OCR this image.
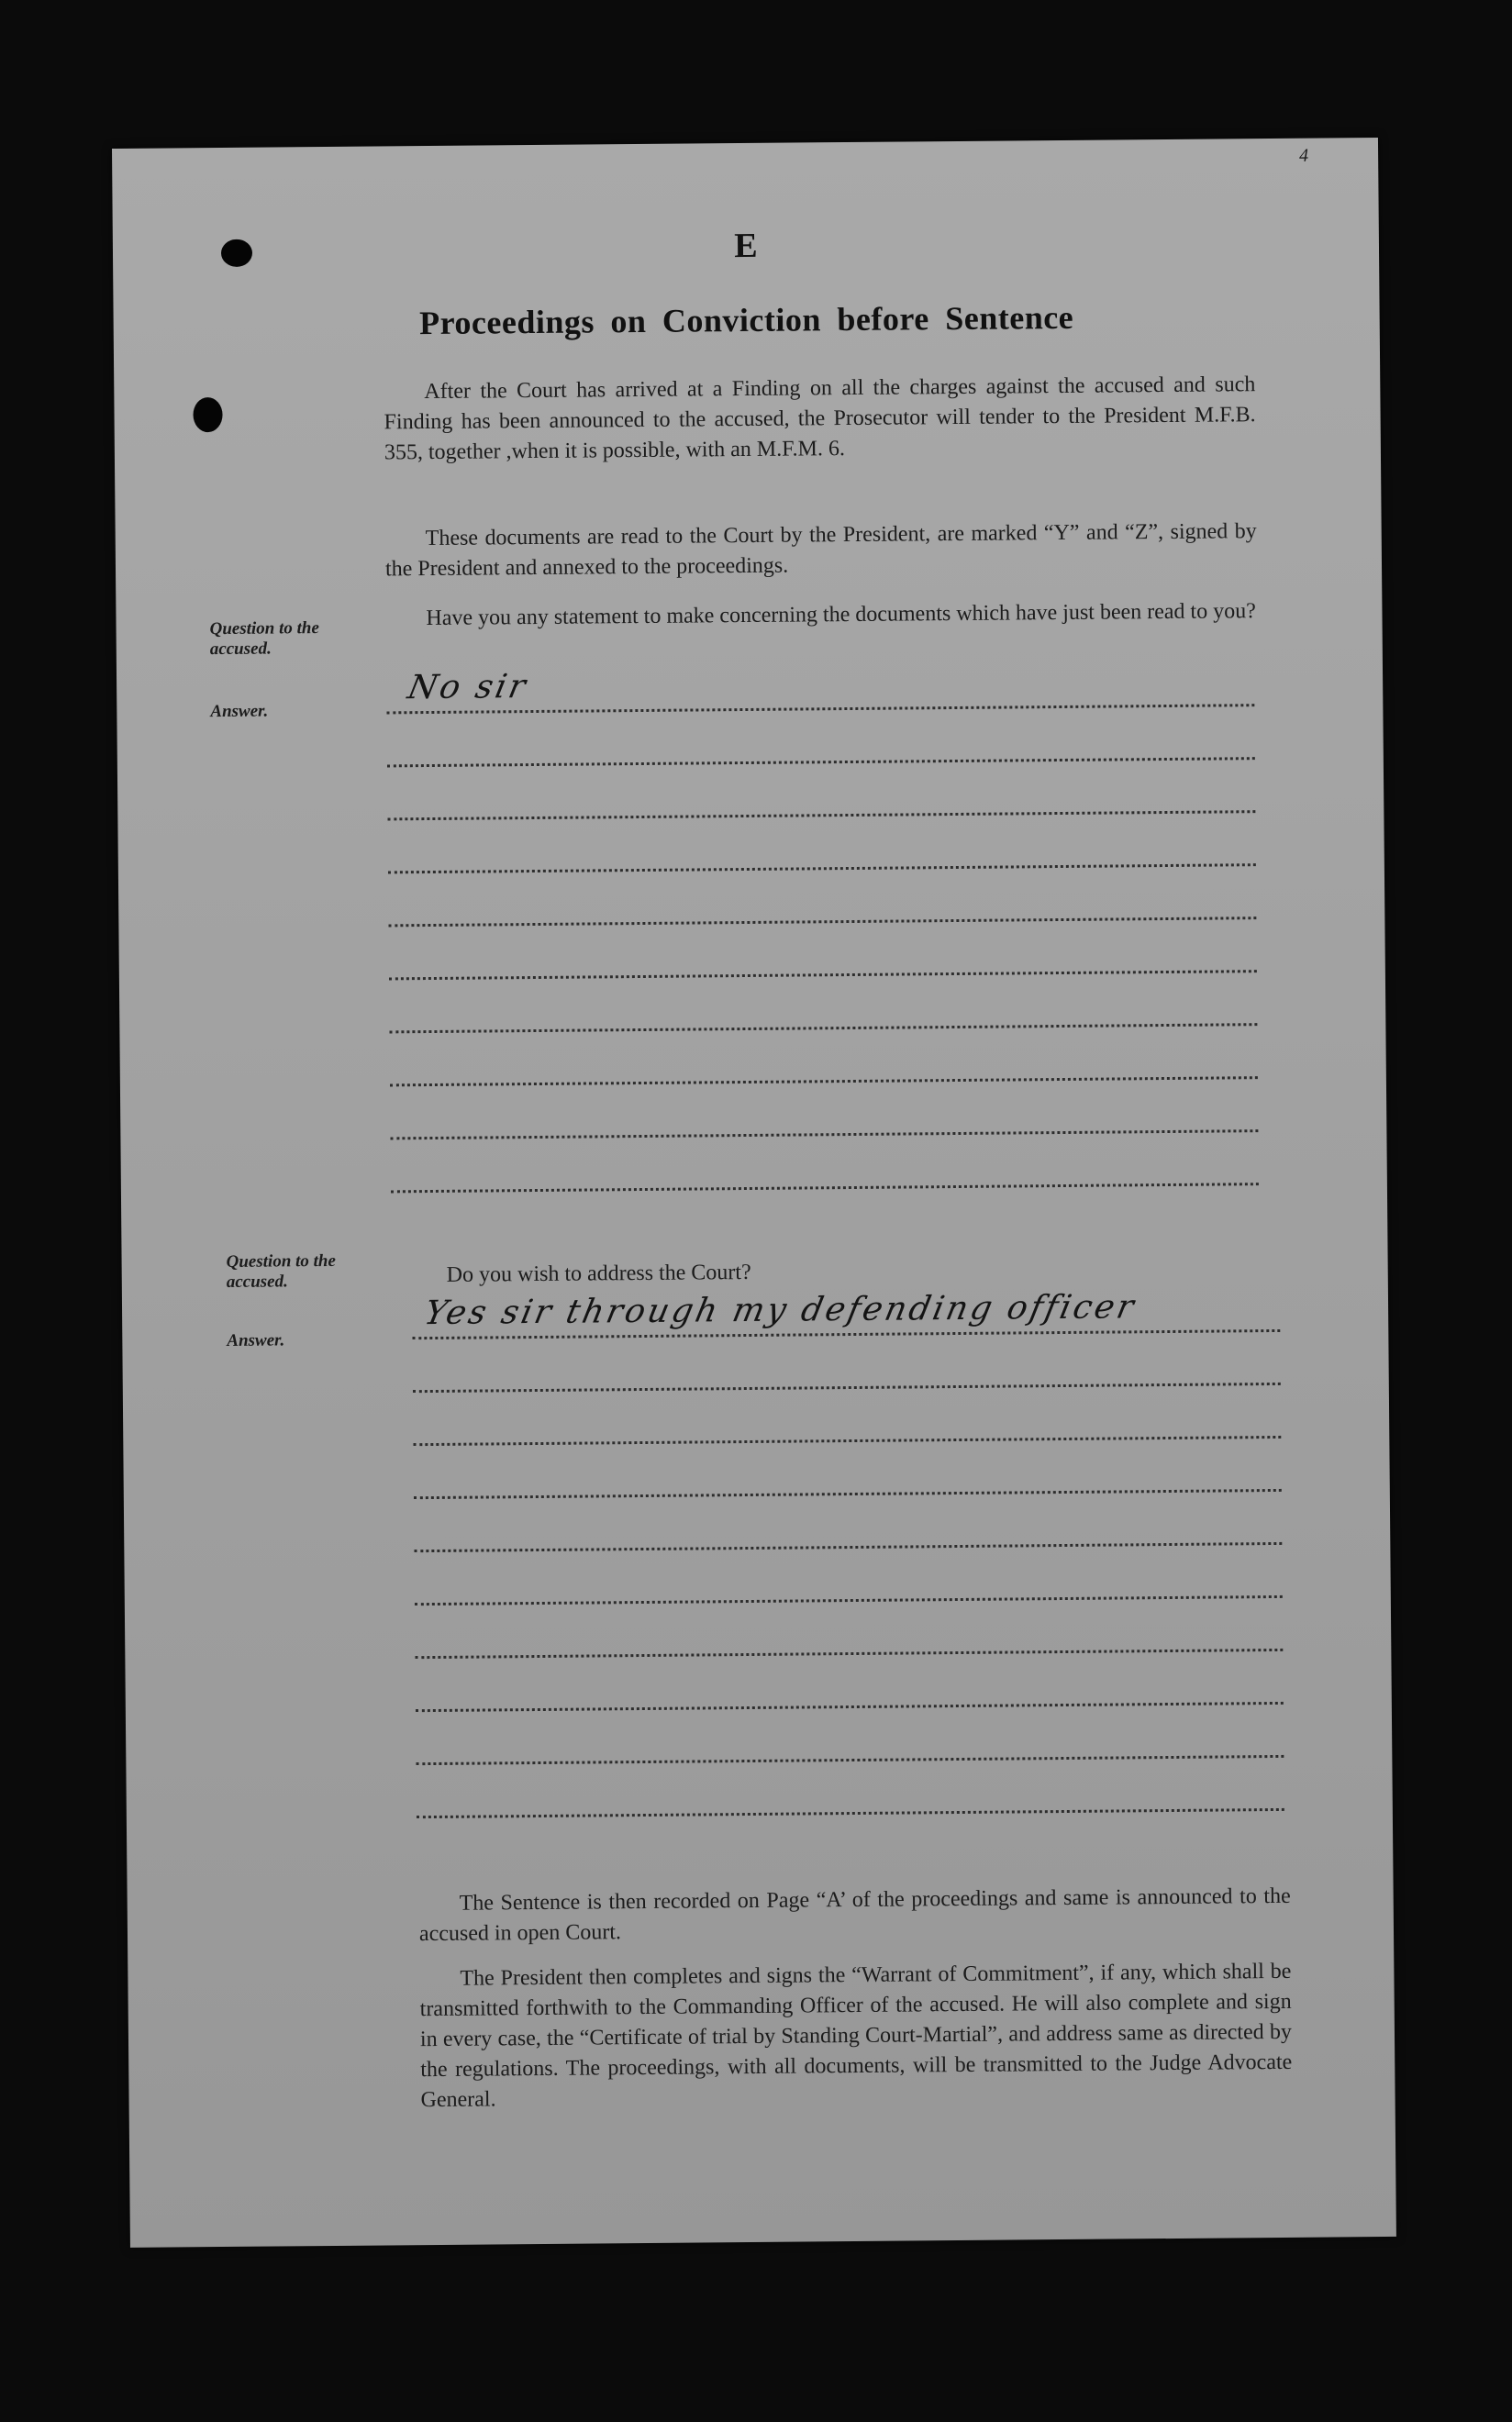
4
E
Proceedings on Conviction before Sentence

After the Court has arrived at a Finding on all the charges against the accused and such Finding has been announced to the accused, the Prosecutor will tender to the President M.F.B. 355, together ,when it is possible, with an M.F.M. 6.

These documents are read to the Court by the President, are marked “Y” and “Z”, signed by the President and annexed to the proceedings.

Question to the accused.

Have you any statement to make concerning the documents which have just been read to you?

Answer.
No sir
Question to the accused.	Do you wish to address the Court?

Answer.
Yes sir through my defending officer

The Sentence is then recorded on Page “A’ of the proceedings and same is announced to the accused in open Court.

The President then completes and signs the “Warrant of Commitment”, if any, which shall be transmitted forthwith to the Commanding Officer of the accused. He will also complete and sign in every case, the “Certificate of trial by Standing Court-Martial”, and address same as directed by the regulations. The proceedings, with all documents, will be transmitted to the Judge Advocate General.
